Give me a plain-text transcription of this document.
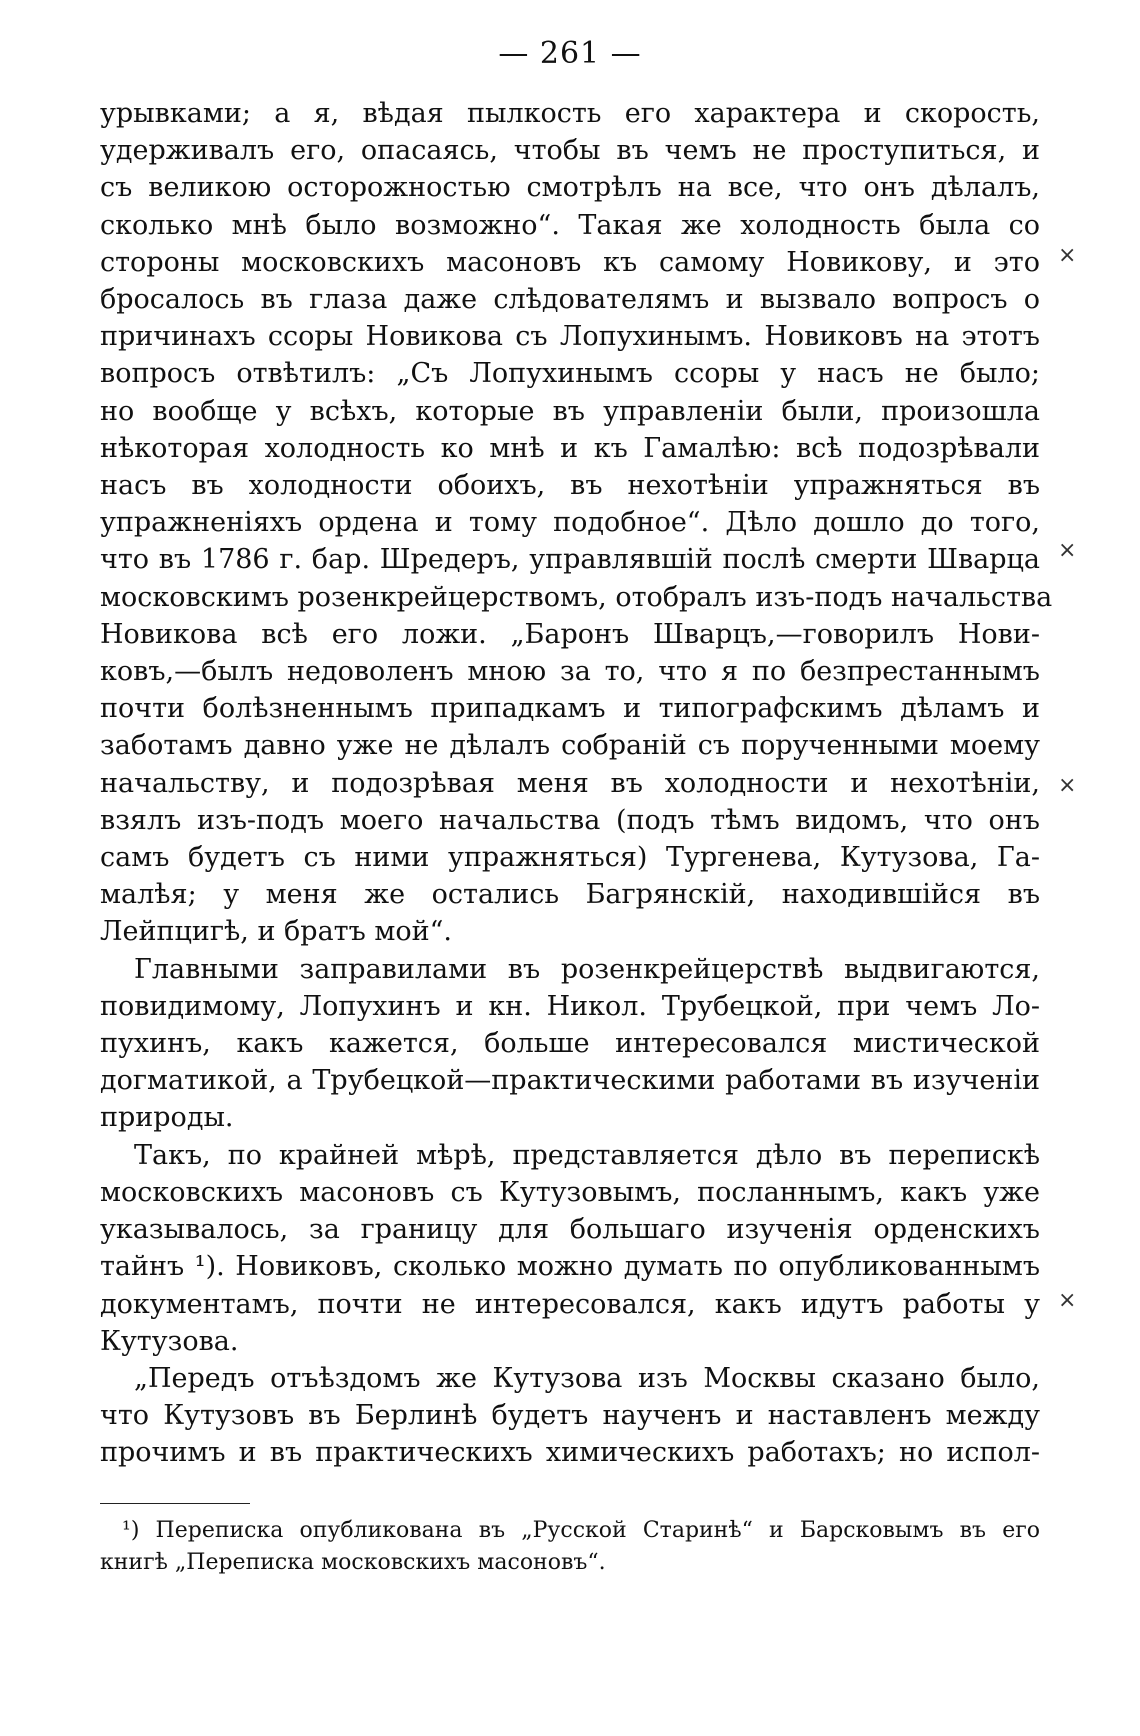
— 261 —
урывками; а я, вѣдая пылкость его характера и скорость,
удерживалъ его, опасаясь, чтобы въ чемъ не проступиться, и
съ великою осторожностью смотрѣлъ на все, что онъ дѣлалъ,
сколько мнѣ было возможно“. Такая же холодность была со
стороны московскихъ масоновъ къ самому Новикову, и это
бросалось въ глаза даже слѣдователямъ и вызвало вопросъ о
причинахъ ссоры Новикова съ Лопухинымъ. Новиковъ на этотъ
вопросъ отвѣтилъ: „Съ Лопухинымъ ссоры у насъ не было;
но вообще у всѣхъ, которые въ управленіи были, произошла
нѣкоторая холодность ко мнѣ и къ Гамалѣю: всѣ подозрѣвали
насъ въ холодности обоихъ, въ нехотѣніи упражняться въ
упражненіяхъ ордена и тому подобное“. Дѣло дошло до того,
что въ 1786 г. бар. Шредеръ, управлявшій послѣ смерти Шварца
московскимъ розенкрейцерствомъ, отобралъ изъ-подъ начальства
Новикова всѣ его ложи. „Баронъ Шварцъ,—говорилъ Нови-
ковъ,—былъ недоволенъ мною за то, что я по безпрестаннымъ
почти болѣзненнымъ припадкамъ и типографскимъ дѣламъ и
заботамъ давно уже не дѣлалъ собраній съ порученными моему
начальству, и подозрѣвая меня въ холодности и нехотѣніи,
взялъ изъ-подъ моего начальства (подъ тѣмъ видомъ, что онъ
самъ будетъ съ ними упражняться) Тургенева, Кутузова, Га-
малѣя; у меня же остались Багрянскій, находившійся въ
Лейпцигѣ, и братъ мой“.
Главными заправилами въ розенкрейцерствѣ выдвигаются,
повидимому, Лопухинъ и кн. Никол. Трубецкой, при чемъ Ло-
пухинъ, какъ кажется, больше интересовался мистической
догматикой, а Трубецкой—практическими работами въ изученіи
природы.
Такъ, по крайней мѣрѣ, представляется дѣло въ перепискѣ
московскихъ масоновъ съ Кутузовымъ, посланнымъ, какъ уже
указывалось, за границу для большаго изученія орденскихъ
тайнъ ¹). Новиковъ, сколько можно думать по опубликованнымъ
документамъ, почти не интересовался, какъ идутъ работы у
Кутузова.
„Передъ отъѣздомъ же Кутузова изъ Москвы сказано было,
что Кутузовъ въ Берлинѣ будетъ наученъ и наставленъ между
прочимъ и въ практическихъ химическихъ работахъ; но испол-
×
×
×
×
¹) Переписка опубликована въ „Русской Старинѣ“ и Барсковымъ въ его
книгѣ „Переписка московскихъ масоновъ“.
